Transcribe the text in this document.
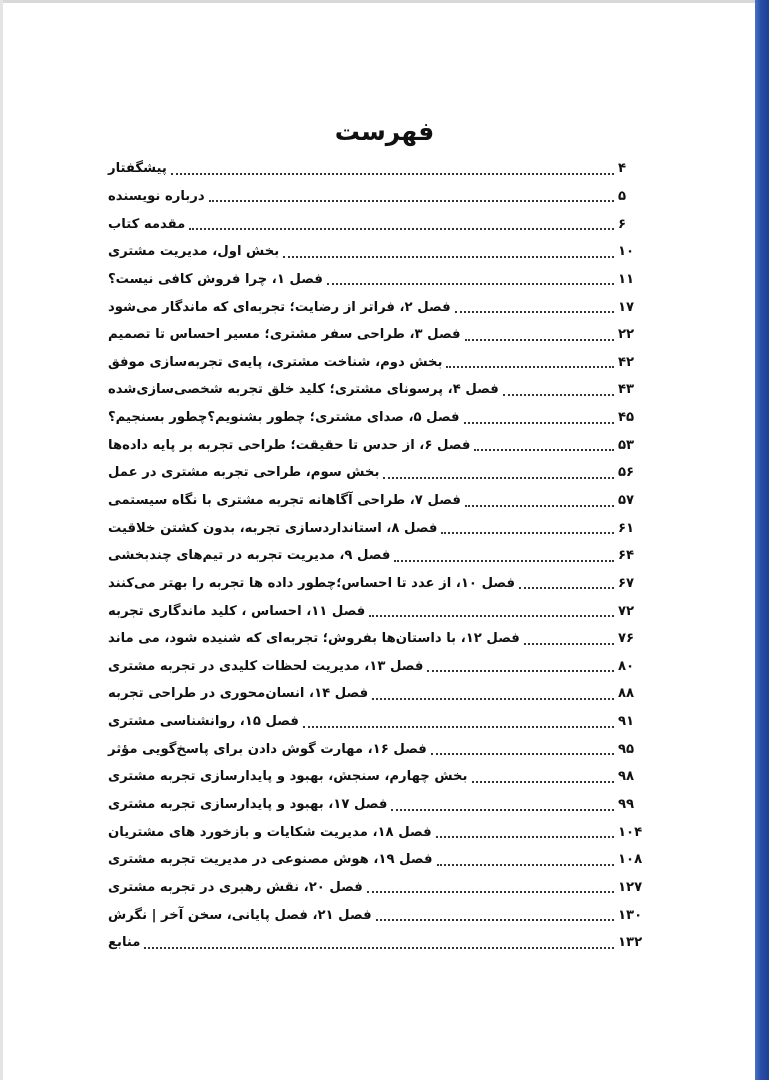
فهرست
پیشگفتار	۴
درباره نویسنده	۵
مقدمه کتاب	۶
بخش اول، مدیریت مشتری	۱۰
فصل ۱، چرا فروش کافی نیست؟	۱۱
فصل ۲، فراتر از رضایت؛ تجربه‌ای که ماندگار می‌شود	۱۷
فصل ۳، طراحی سفر مشتری؛ مسیر احساس تا تصمیم	۲۲
بخش دوم، شناخت مشتری، پایه‌ی تجربه‌سازی موفق	۴۲
فصل ۴، پرسونای مشتری؛ کلید خلق تجربه شخصی‌سازی‌شده	۴۳
فصل ۵، صدای مشتری؛ چطور بشنویم؟چطور بسنجیم؟	۴۵
فصل ۶، از حدس تا حقیقت؛ طراحی تجربه بر پایه داده‌ها	۵۳
بخش سوم، طراحی تجربه مشتری در عمل	۵۶
فصل ۷، طراحی آگاهانه تجربه مشتری با نگاه سیستمی	۵۷
فصل ۸، استانداردسازی تجربه، بدون کشتن خلاقیت	۶۱
فصل ۹، مدیریت تجربه در تیم‌های چندبخشی	۶۴
فصل ۱۰، از عدد تا احساس؛چطور داده ها تجربه را بهتر می‌کنند	۶۷
فصل ۱۱، احساس ، کلید ماندگاری تجربه	۷۲
فصل ۱۲، با داستان‌ها بفروش؛ تجربه‌ای که شنیده شود، می ماند	۷۶
فصل ۱۳، مدیریت لحظات کلیدی در تجربه مشتری	۸۰
فصل ۱۴، انسان‌محوری در طراحی تجربه	۸۸
فصل ۱۵، روانشناسی مشتری	۹۱
فصل ۱۶، مهارت گوش دادن برای پاسخ‌گویی مؤثر	۹۵
بخش چهارم، سنجش، بهبود و پایدارسازی تجربه مشتری	۹۸
فصل ۱۷، بهبود و پایدارسازی تجربه مشتری	۹۹
فصل ۱۸، مدیریت شکایات و بازخورد های مشتریان	۱۰۴
فصل ۱۹، هوش مصنوعی در مدیریت تجربه مشتری	۱۰۸
فصل ۲۰، نقش رهبری در تجربه مشتری	۱۲۷
فصل ۲۱، فصل پایانی، سخن آخر | نگرش	۱۳۰
منابع	۱۳۲
